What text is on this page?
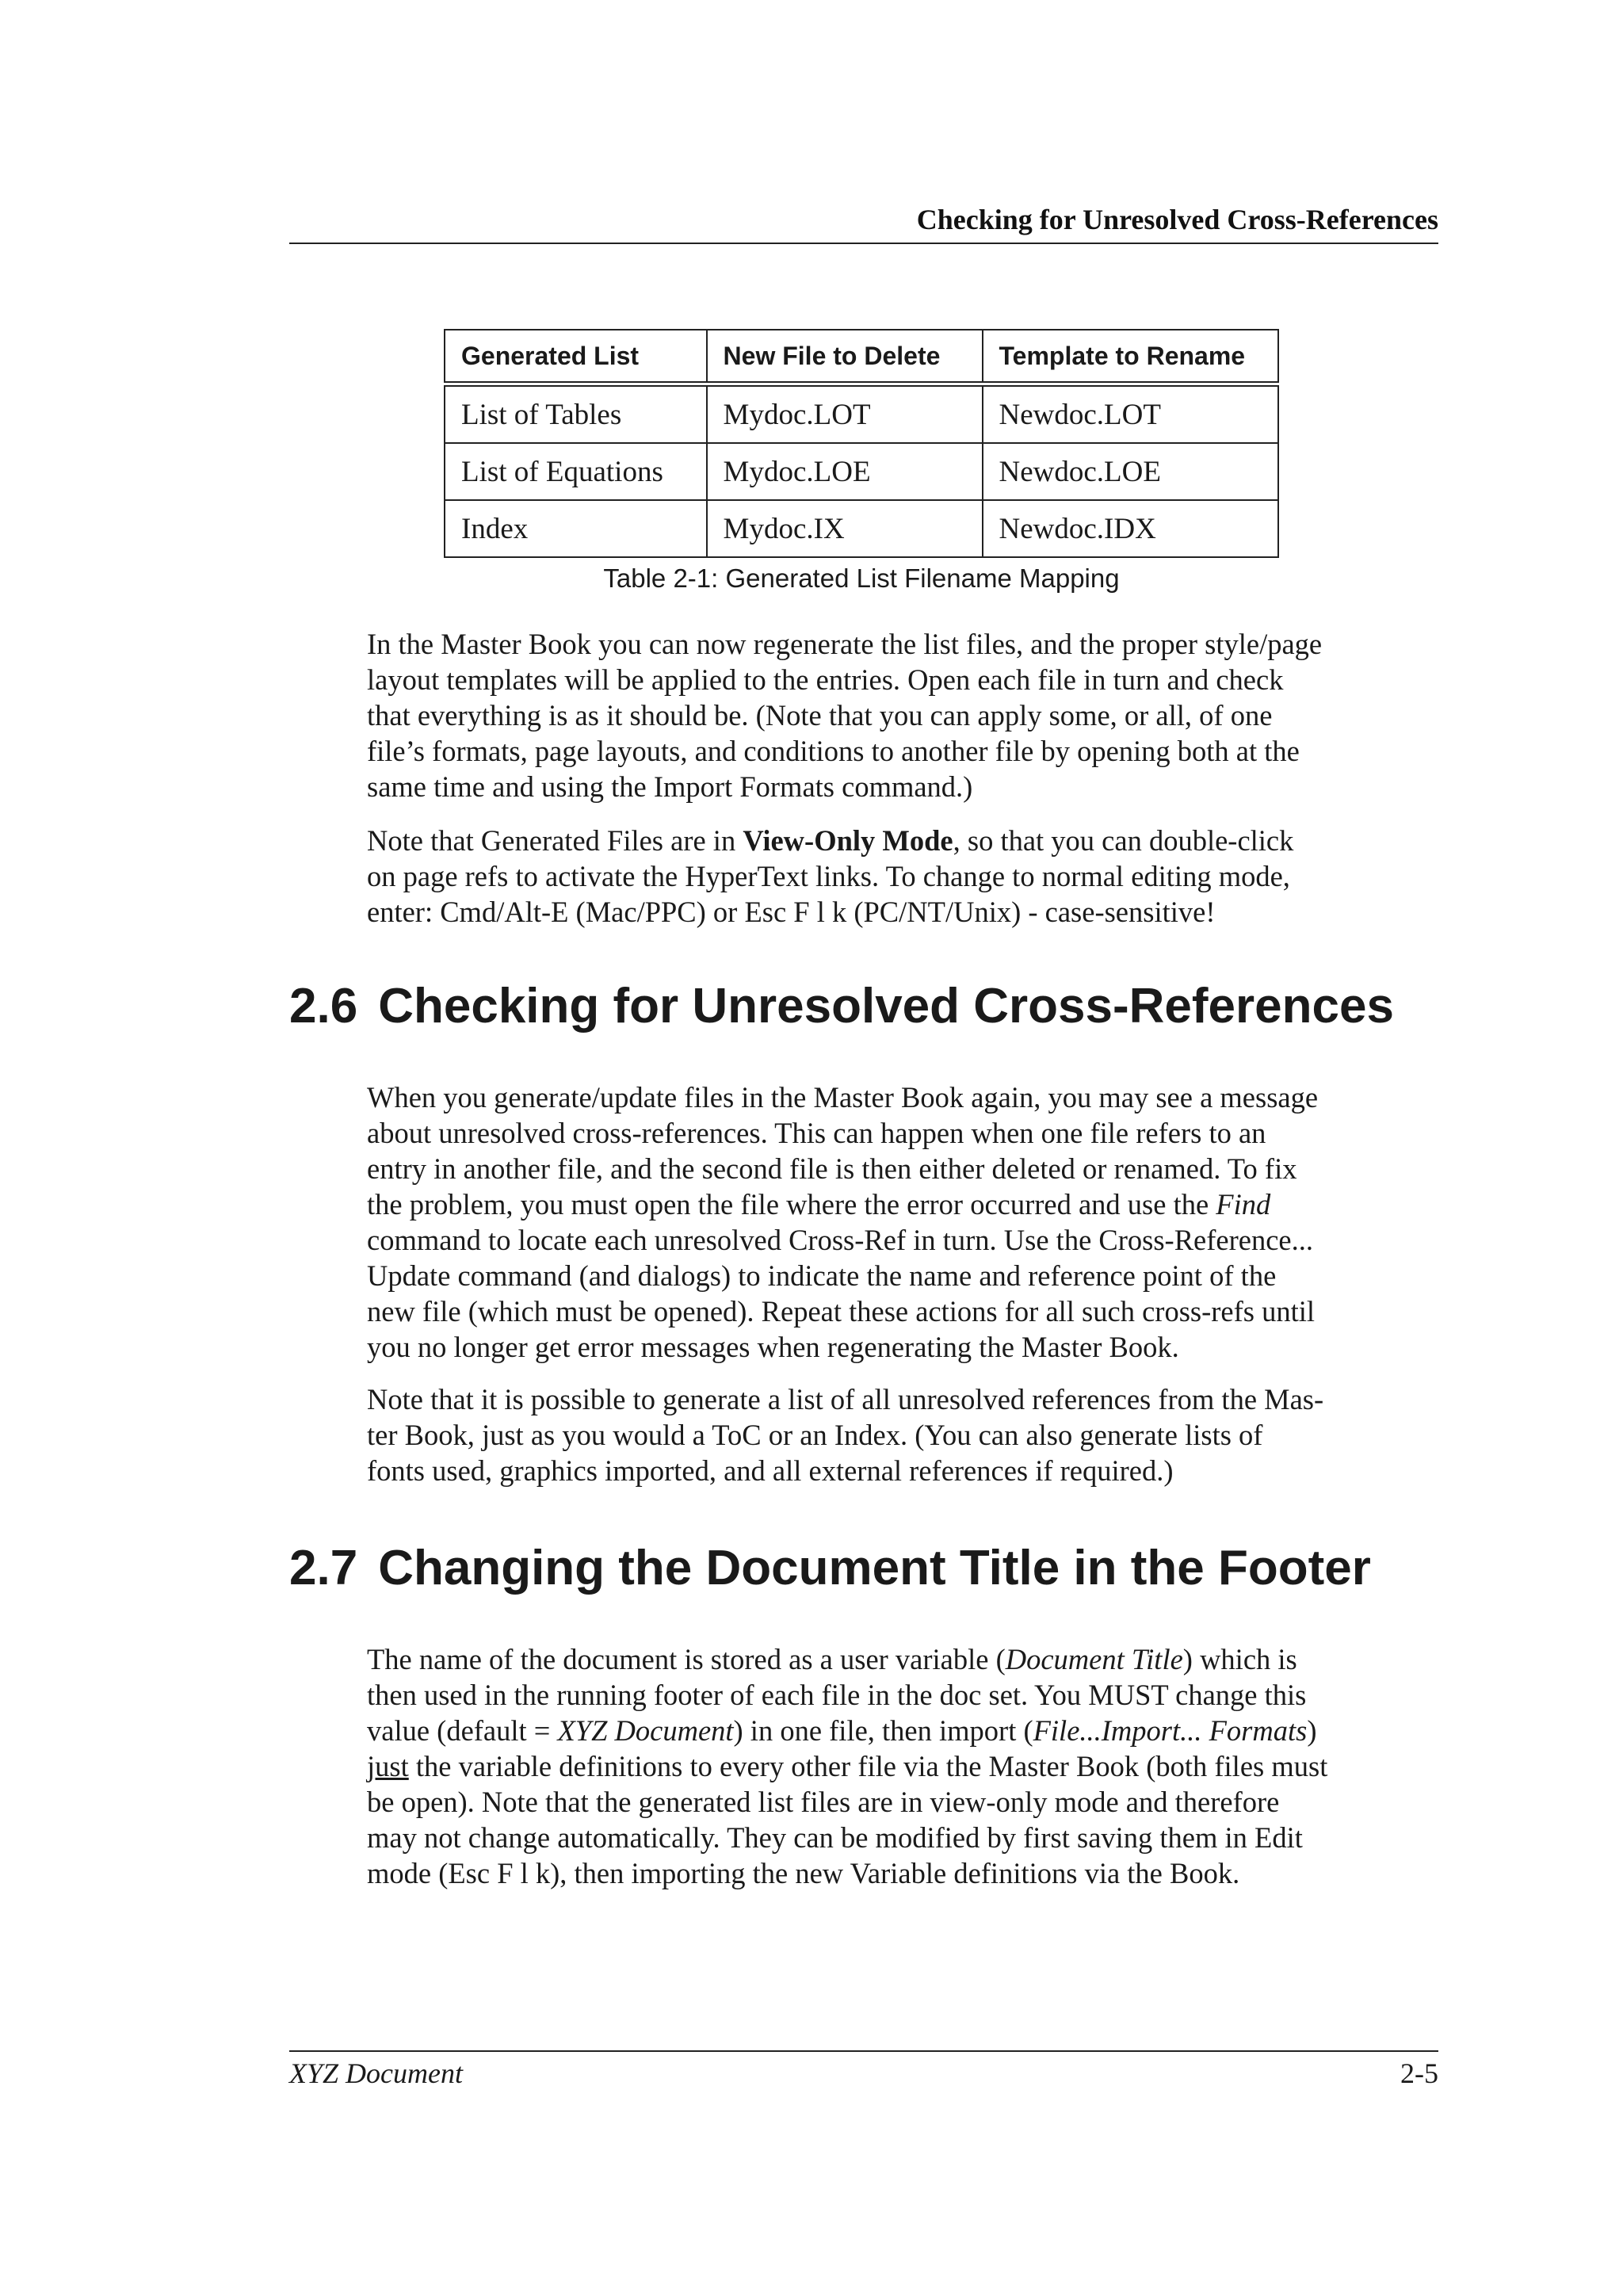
Checking for Unresolved Cross-References
Generated List	New File to Delete	Template to Rename
List of Tables	Mydoc.LOT	Newdoc.LOT
List of Equations	Mydoc.LOE	Newdoc.LOE
Index	Mydoc.IX	Newdoc.IDX
Table 2-1: Generated List Filename Mapping

In the Master Book you can now regenerate the list files, and the proper style/page
layout templates will be applied to the entries. Open each file in turn and check
that everything is as it should be. (Note that you can apply some, or all, of one
file’s formats, page layouts, and conditions to another file by opening both at the
same time and using the Import Formats command.)

Note that Generated Files are in View-Only Mode, so that you can double-click
on page refs to activate the HyperText links. To change to normal editing mode,
enter: Cmd/Alt-E (Mac/PPC) or Esc F l k (PC/NT/Unix) - case-sensitive!

2.6 Checking for Unresolved Cross-References

When you generate/update files in the Master Book again, you may see a message
about unresolved cross-references. This can happen when one file refers to an
entry in another file, and the second file is then either deleted or renamed. To fix
the problem, you must open the file where the error occurred and use the Find
command to locate each unresolved Cross-Ref in turn. Use the Cross-Reference...
Update command (and dialogs) to indicate the name and reference point of the
new file (which must be opened). Repeat these actions for all such cross-refs until
you no longer get error messages when regenerating the Master Book.

Note that it is possible to generate a list of all unresolved references from the Mas-
ter Book, just as you would a ToC or an Index. (You can also generate lists of
fonts used, graphics imported, and all external references if required.)

2.7 Changing the Document Title in the Footer

The name of the document is stored as a user variable (Document Title) which is
then used in the running footer of each file in the doc set. You MUST change this
value (default = XYZ Document) in one file, then import (File...Import... Formats)
just the variable definitions to every other file via the Master Book (both files must
be open). Note that the generated list files are in view-only mode and therefore
may not change automatically. They can be modified by first saving them in Edit
mode (Esc F l k), then importing the new Variable definitions via the Book.

XYZ Document	2-5
